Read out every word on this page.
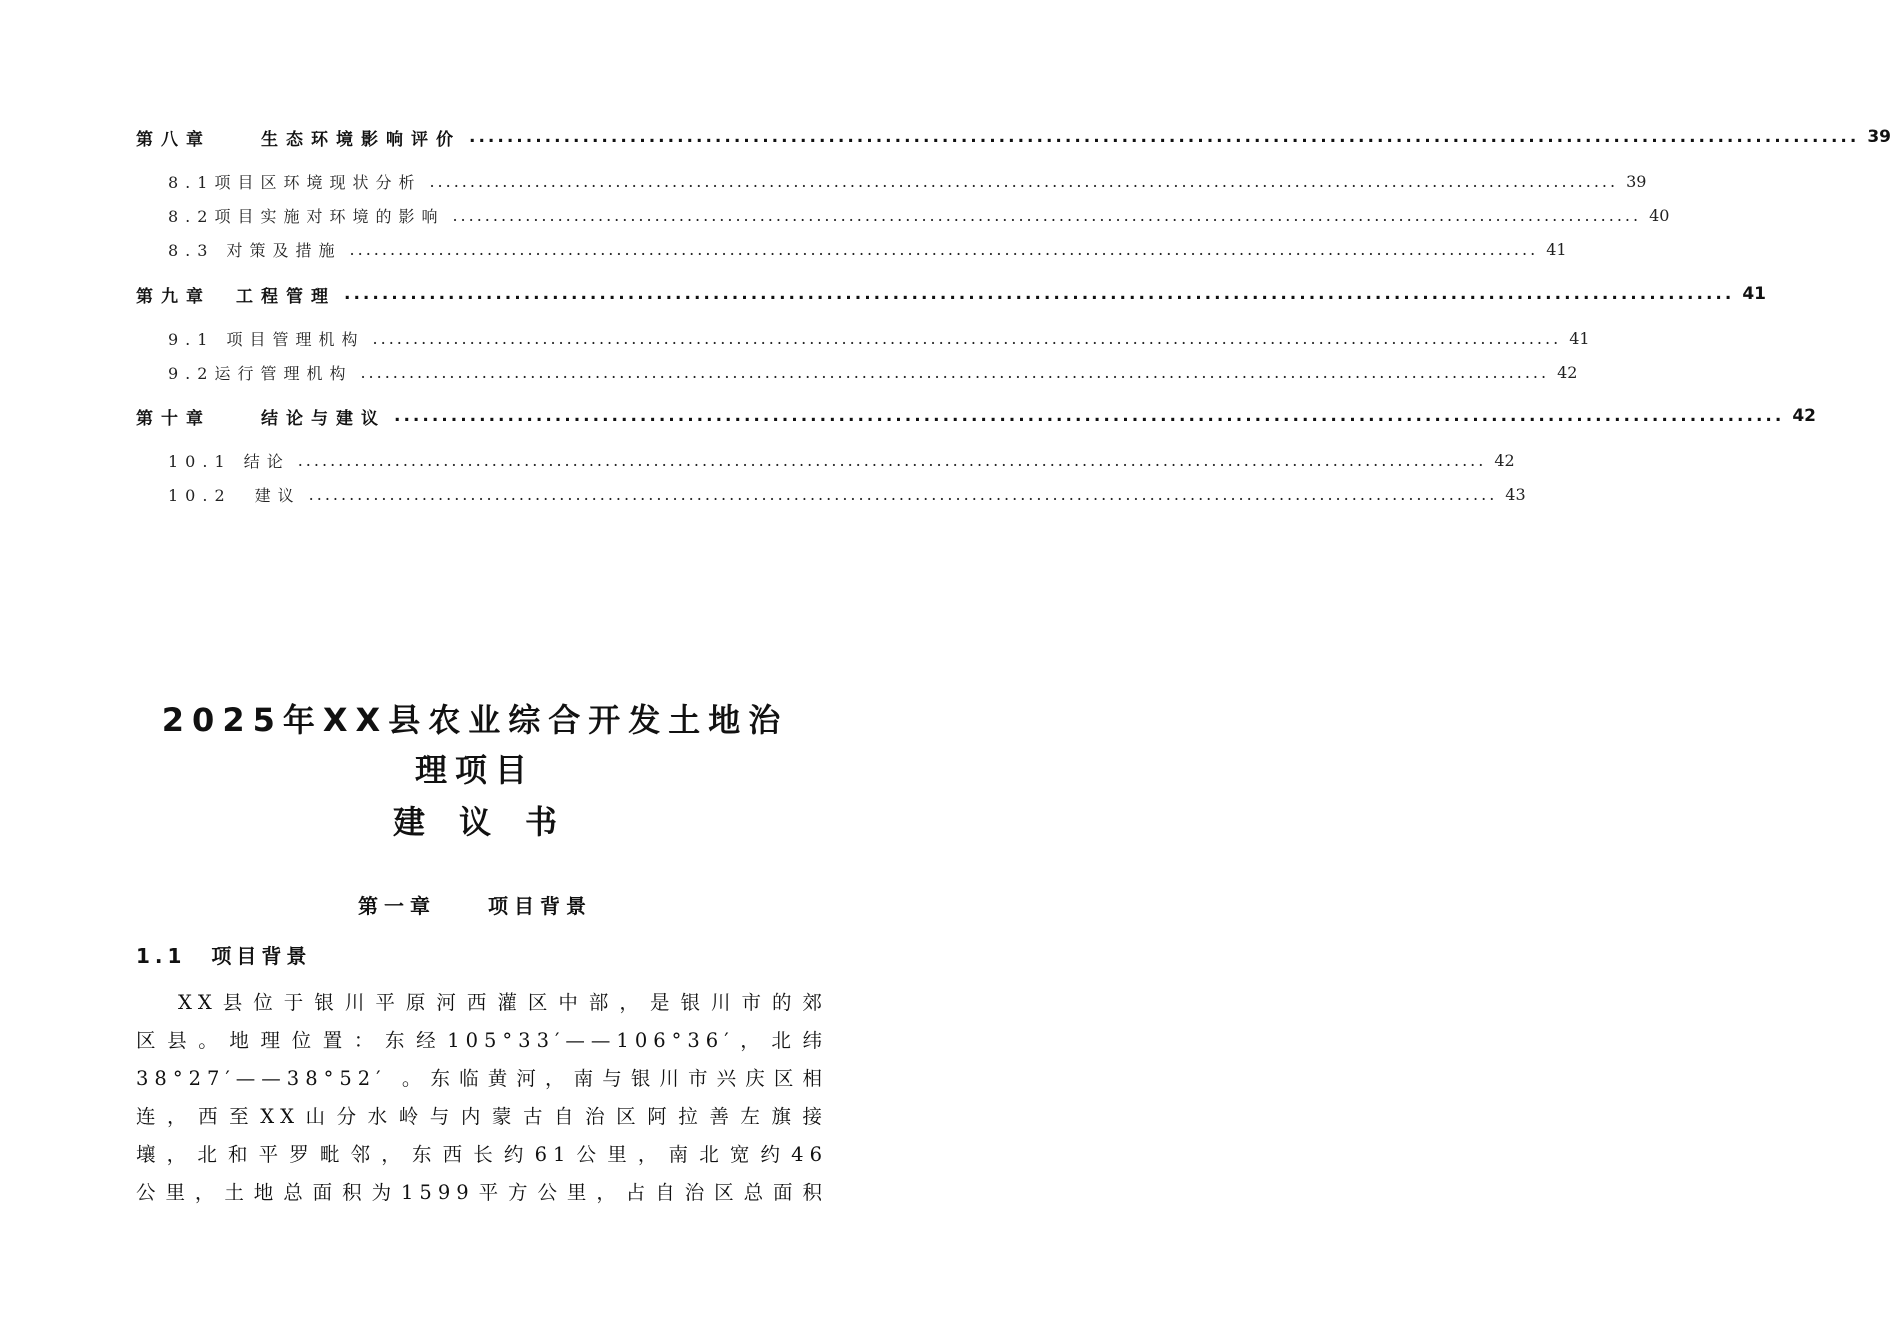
第八章　　生态环境影响评价 .....	39
8.1项目区环境现状分析 .....	39
8.2项目实施对环境的影响 .....	40
8.3 对策及措施 .....	41
第九章　工程管理 .....	41
9.1 项目管理机构 .....	41
9.2运行管理机构 .....	42
第十章　　结论与建议 .....	42
10.1 结论 .....	42
10.2　建议 .....	43
2025年XX县农业综合开发土地治
理项目
建议书
第一章　　项目背景
1.1　项目背景
XX县位于银川平原河西灌区中部，是银川市的郊
区县。地理位置：东经105°33′——106°36′，北纬
38°27′——38°52′ 。东临黄河，南与银川市兴庆区相
连，西至XX山分水岭与内蒙古自治区阿拉善左旗接
壤，北和平罗毗邻，东西长约61公里，南北宽约46
公里，土地总面积为1599平方公里，占自治区总面积
